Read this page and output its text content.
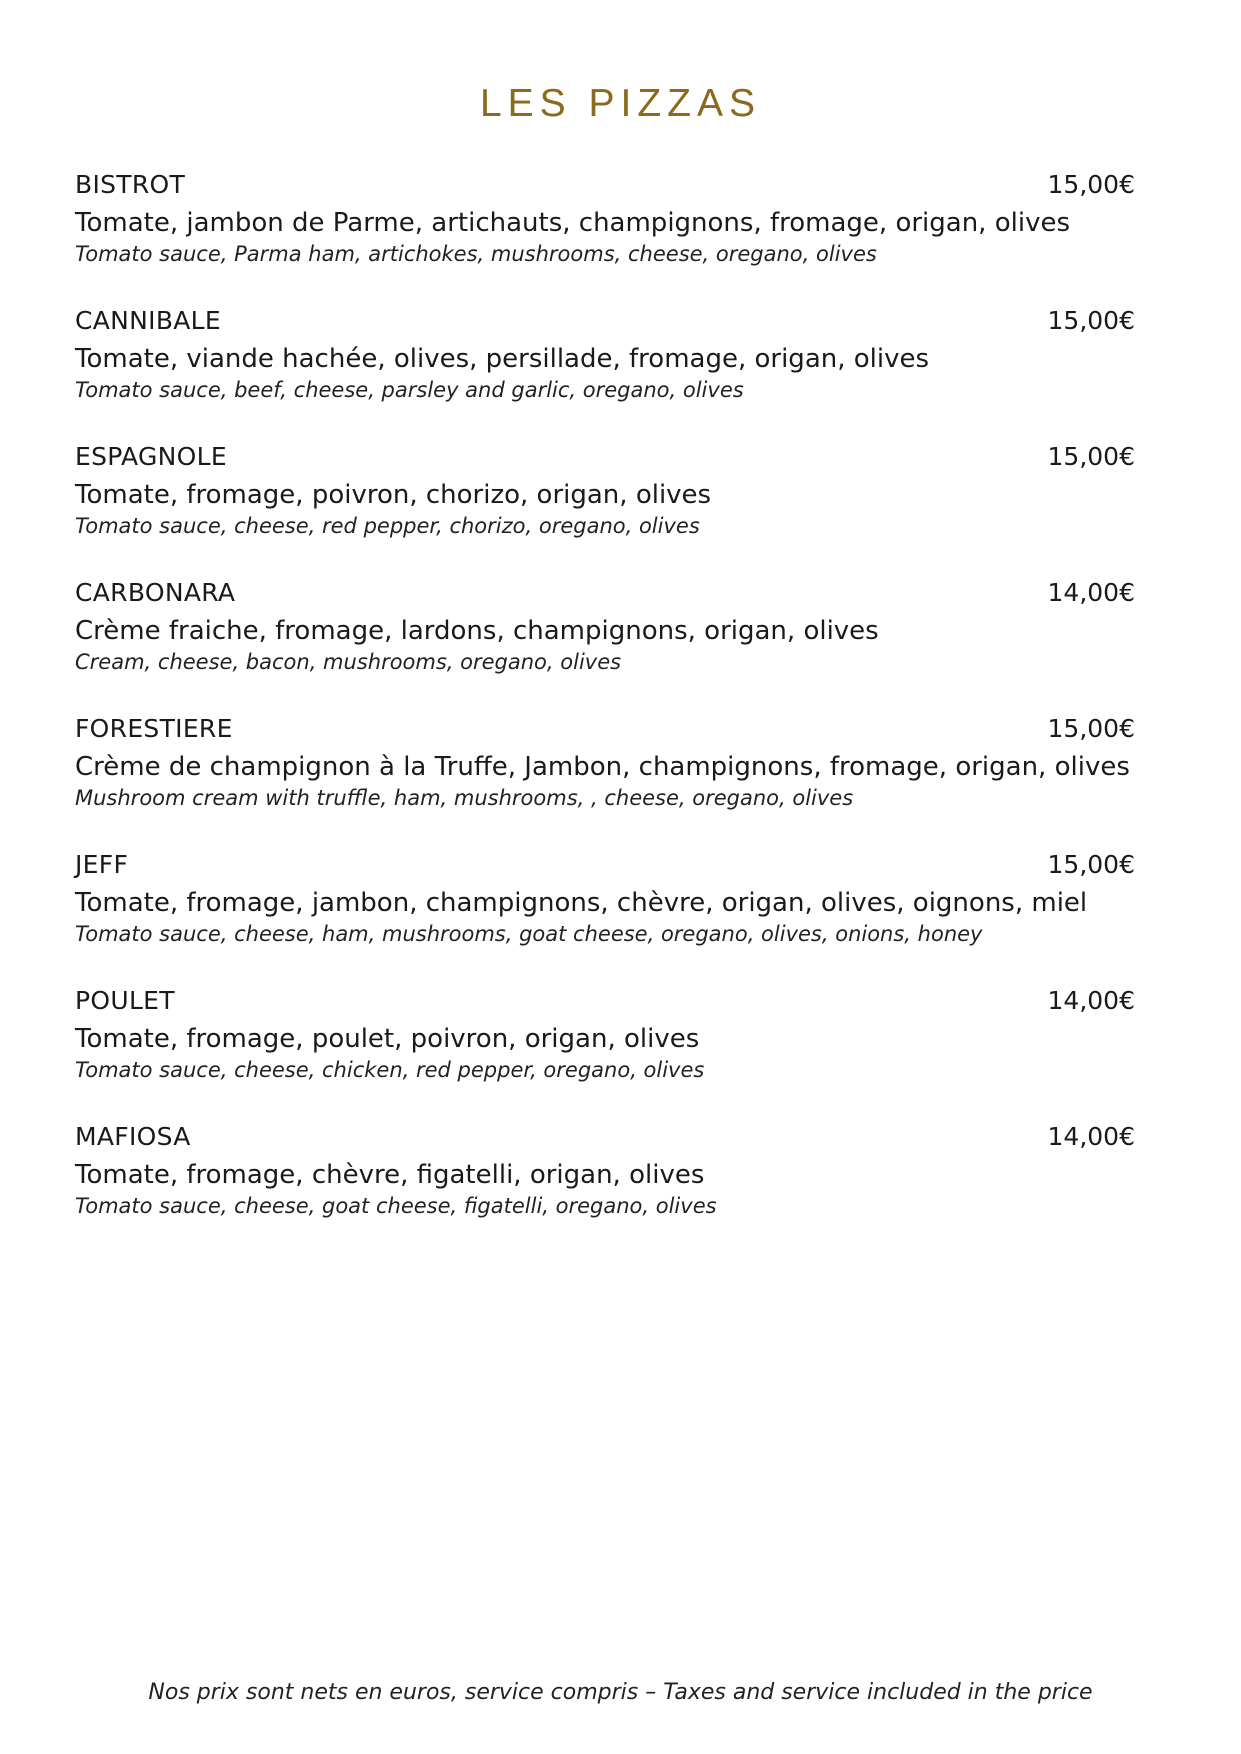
LES PIZZAS
BISTROT	15,00€
Tomate, jambon de Parme, artichauts, champignons, fromage, origan, olives
Tomato sauce, Parma ham, artichokes, mushrooms, cheese, oregano, olives
CANNIBALE	15,00€
Tomate, viande hachée, olives, persillade, fromage, origan, olives
Tomato sauce, beef, cheese, parsley and garlic, oregano, olives
ESPAGNOLE	15,00€
Tomate, fromage, poivron, chorizo, origan, olives
Tomato sauce, cheese, red pepper, chorizo, oregano, olives
CARBONARA	14,00€
Crème fraiche, fromage, lardons, champignons, origan, olives
Cream, cheese, bacon, mushrooms, oregano, olives
FORESTIERE	15,00€
Crème de champignon à la Truffe, Jambon, champignons, fromage, origan, olives
Mushroom cream with truffle, ham, mushrooms, , cheese, oregano, olives
JEFF	15,00€
Tomate, fromage, jambon, champignons, chèvre, origan, olives, oignons, miel
Tomato sauce, cheese, ham, mushrooms, goat cheese, oregano, olives, onions, honey
POULET	14,00€
Tomate, fromage, poulet, poivron, origan, olives
Tomato sauce, cheese, chicken, red pepper, oregano, olives
MAFIOSA	14,00€
Tomate, fromage, chèvre, figatelli, origan, olives
Tomato sauce, cheese, goat cheese, figatelli, oregano, olives
Nos prix sont nets en euros, service compris – Taxes and service included in the price
